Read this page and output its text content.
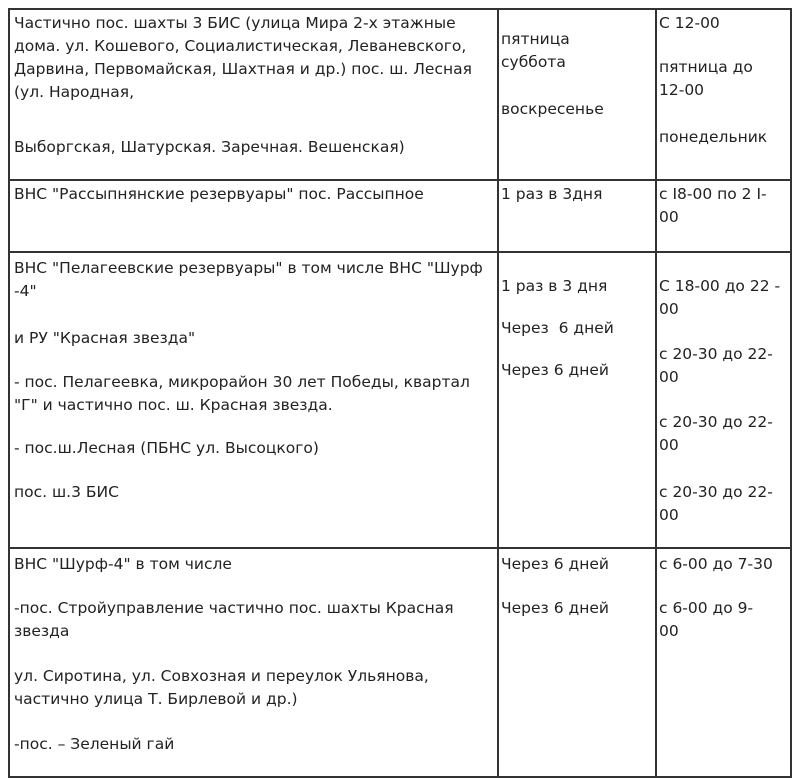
Частично пос. шахты 3 БИС (улица Мира 2-х этажные дома. ул. Кошевого, Социалистическая, Леваневского, Дарвина, Первомайская, Шахтная и др.) пос. ш. Лесная (ул. Народная,
Выборгская, Шатурская. Заречная. Вешенская)
пятница суббота
воскресенье
С 12-00
пятница до 12-00
понедельник
ВНС "Рассыпнянские резервуары" пос. Рассыпное	1 раз в 3дня	с I8-00 по 2 I-00
ВНС "Пелагеевские резервуары" в том числе ВНС "Шурф -4"
и РУ "Красная звезда"
- пос. Пелагеевка, микрорайон 30 лет Победы, квартал "Г" и частично пос. ш. Красная звезда.
- пос.ш.Лесная (ПБНС ул. Высоцкого)
пос. ш.3 БИС
1 раз в 3 дня
Через  6 дней
Через 6 дней
С 18-00 до 22 - 00
с 20-30 до 22-00
с 20-30 до 22-00
с 20-30 до 22-00
ВНС "Шурф-4" в том числе
-пос. Стройуправление частично пос. шахты Красная звезда
ул. Сиротина, ул. Совхозная и переулок Ульянова, частично улица Т. Бирлевой и др.)
-пос. – Зеленый гай
Через 6 дней
Через 6 дней
с 6-00 до 7-30
с 6-00 до 9-00
